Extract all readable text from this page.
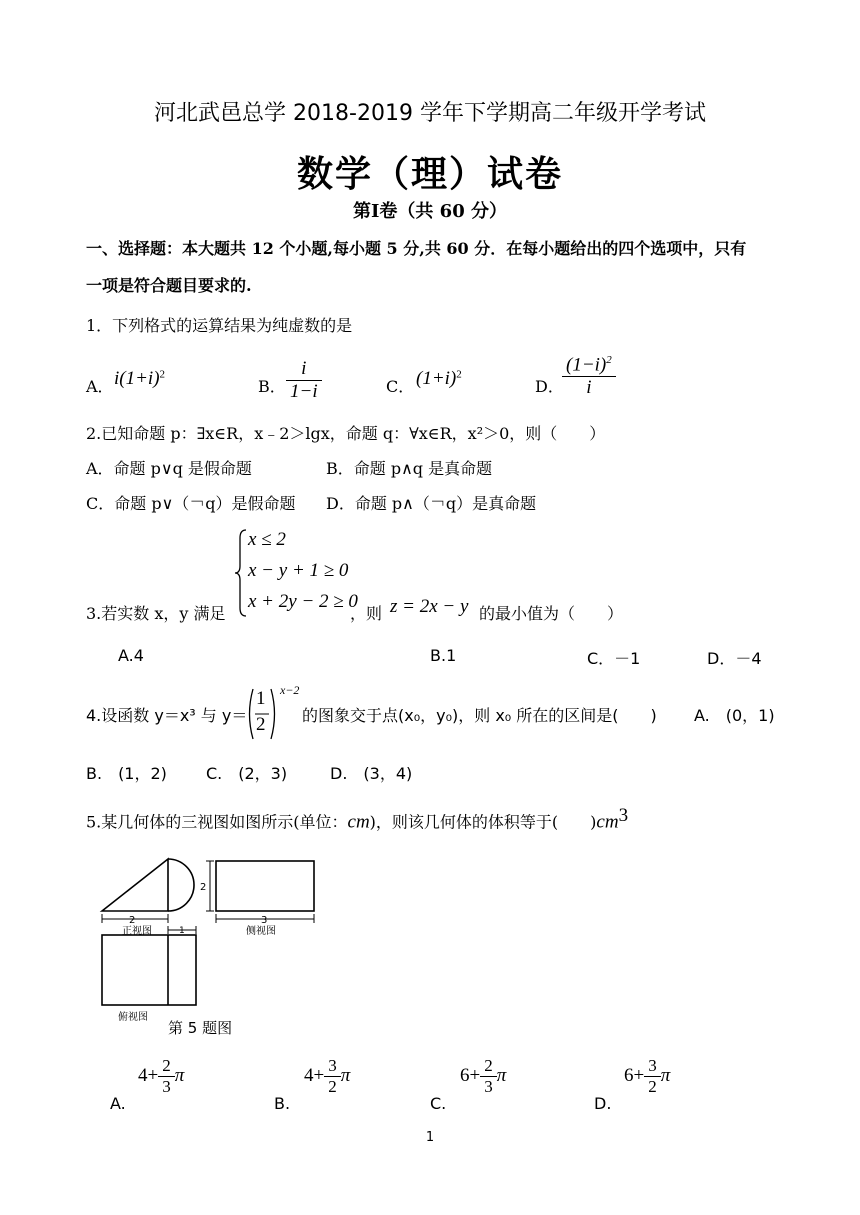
河北武邑总学 2018-2019 学年下学期高二年级开学考试
数学（理）试卷
第Ⅰ卷（共 60 分）
一、选择题：本大题共 12 个小题,每小题 5 分,共 60 分．在每小题给出的四个选项中，只有
一项是符合题目要求的.
1．下列格式的运算结果为纯虚数的是
A． $i(1+i)^2$
B． $\frac{i}{1-i}$	C． $(1+i)^2$
D．
$\frac{(1-i)^2}{i}$
2.已知命题 p：∃x∈R，x﹣2＞lgx，命题 q：∀x∈R，x²＞0，则（　　）
A．命题 p∨q 是假命题	B．命题 p∧q 是真命题
C．命题 p∨（￢q）是假命题 D．命题 p∧（￢q）是真命题
x ≤ 2
x − y + 1 ≥ 0
x + 2y − 2 ≥ 0
3.若实数 x，y 满足	，则 z = 2x − y 的最小值为（　　）
A.4	B.1	C．－1	D．－4
4.设函数 y＝x³ 与 y＝
1
2
x−2
的图象交于点(x₀，y₀)，则 x₀ 所在的区间是(　　) A.　(0，1)
B.　(1，2) C.　(2，3)	D.　(3，4)
5.某几何体的三视图如图所示(单位：cm)，则该几何体的体积等于(　　)$cm^3$
2
2
3
1
正视图	侧视图
俯视图
第 5 题图
A.
$4+ \frac{2}{3}$ π
B.
$4+ \frac{3}{2}$ π
C.
$6+ \frac{2}{3}$ π
D.
$6+ \frac{3}{2}$ π
1
